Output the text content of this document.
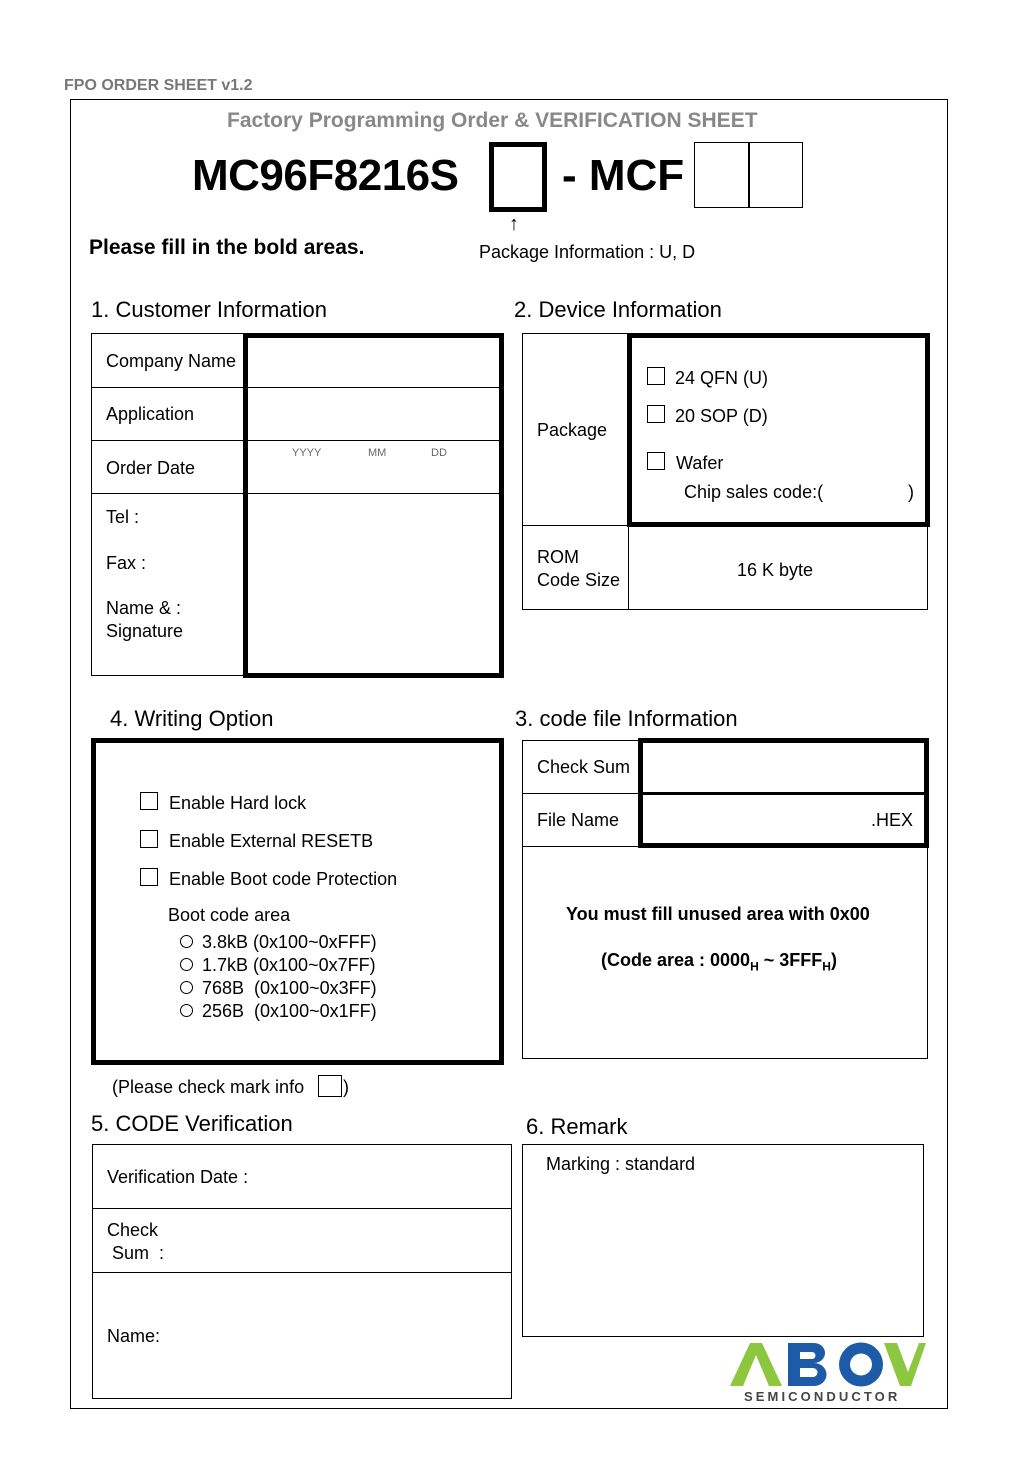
FPO ORDER SHEET v1.2
Factory Programming Order & VERIFICATION SHEET
MC96F8216S - MCF
Please fill in the bold areas.
↑
Package Information : U, D
1. Customer Information
Company Name
Application
Order Date
YYYY	MM	DD
Tel :
Fax :
Name & :
Signature
2. Device Information
Package
24 QFN (U)
20 SOP (D)
Wafer
Chip sales code:(	)
ROM
Code Size	16 K byte
4. Writing Option
Enable Hard lock
Enable External RESETB
Enable Boot code Protection
Boot code area
3.8kB (0x100~0xFFF)
1.7kB (0x100~0x7FF)
768B  (0x100~0x3FF)
256B  (0x100~0x1FF)
(Please check mark info )
3. code file Information
Check Sum
File Name	.HEX
You must fill unused area with 0x00
(Code area : $0000_H$ ~ $3FFF_H$)
5. CODE Verification
Verification Date :
Check
Sum  :
Name:
6. Remark
Marking : standard
SEMICONDUCTOR
